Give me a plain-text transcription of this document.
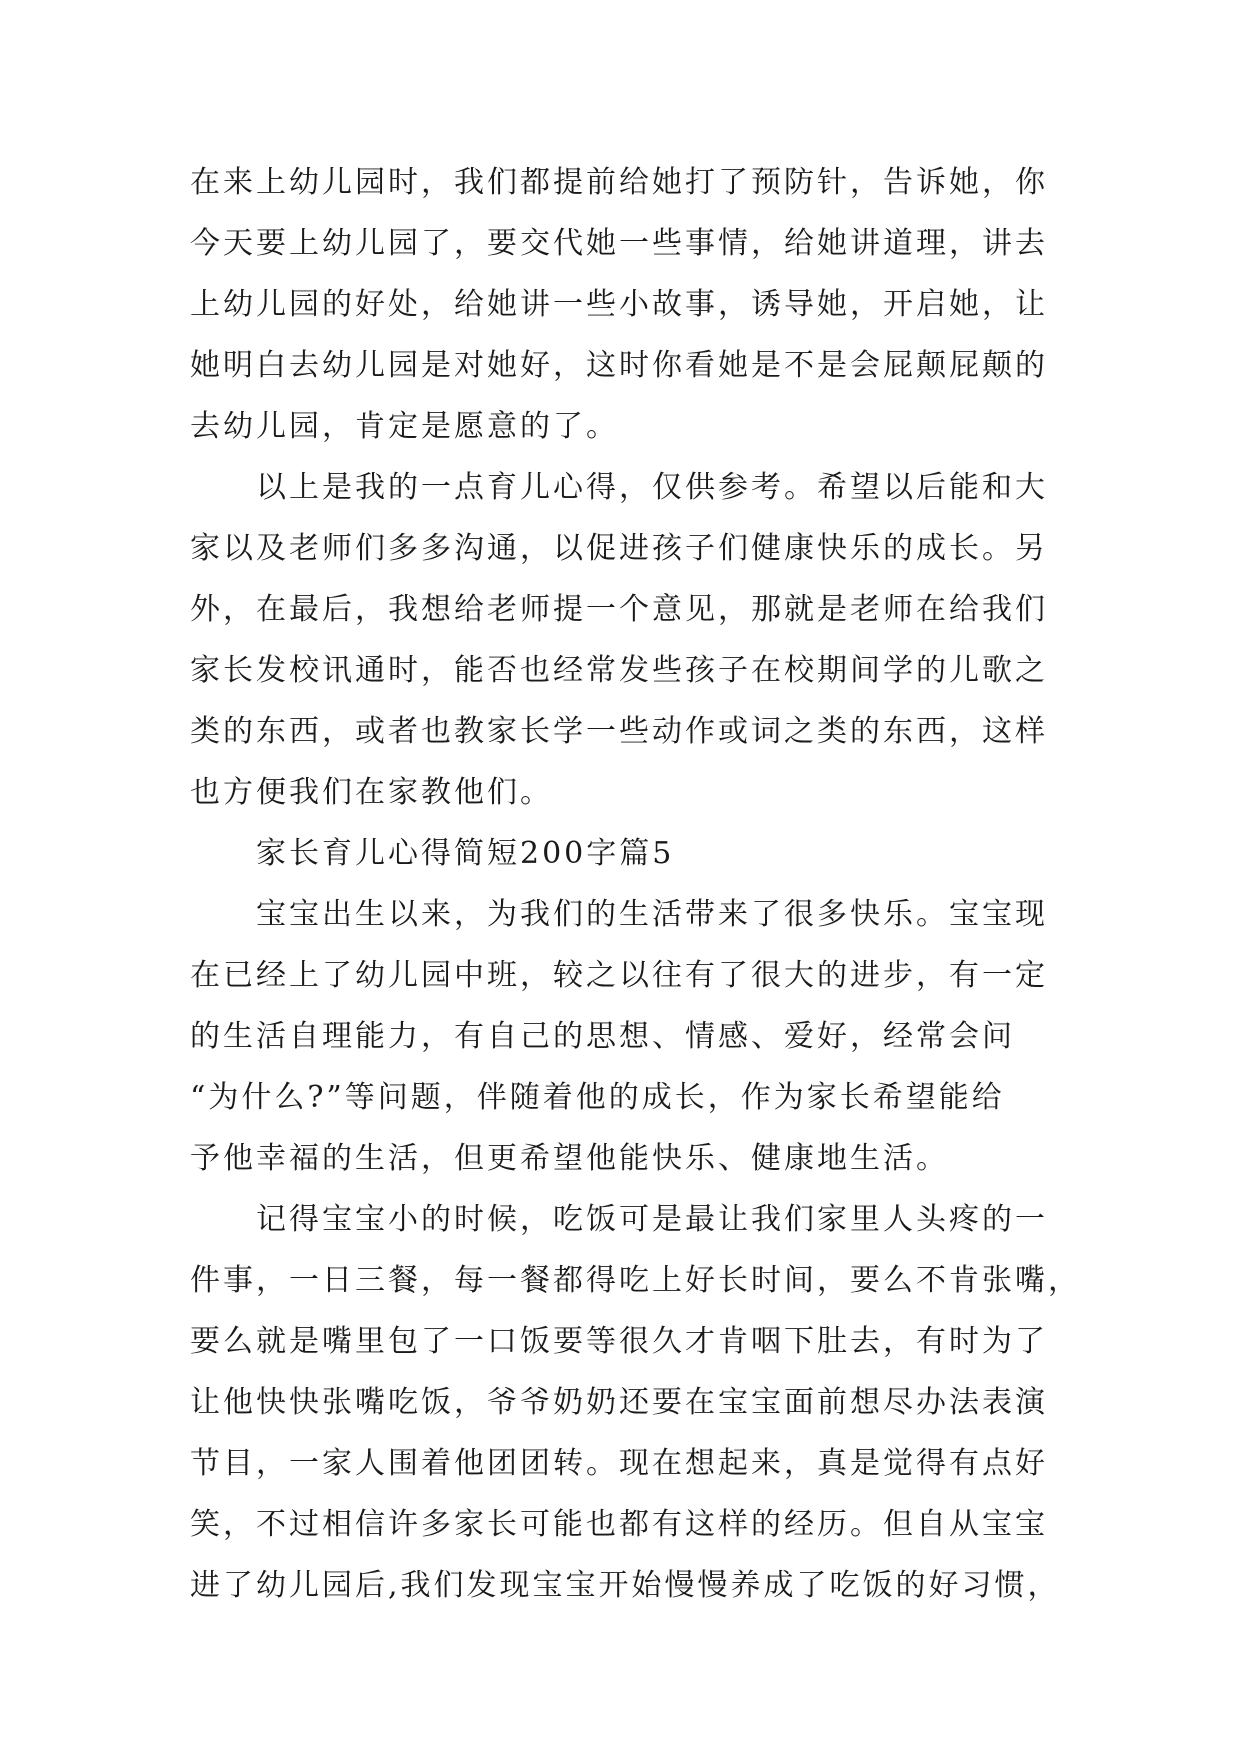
在来上幼儿园时，我们都提前给她打了预防针，告诉她，你
今天要上幼儿园了，要交代她一些事情，给她讲道理，讲去
上幼儿园的好处，给她讲一些小故事，诱导她，开启她，让
她明白去幼儿园是对她好，这时你看她是不是会屁颠屁颠的
去幼儿园，肯定是愿意的了。
以上是我的一点育儿心得，仅供参考。希望以后能和大
家以及老师们多多沟通，以促进孩子们健康快乐的成长。另
外，在最后，我想给老师提一个意见，那就是老师在给我们
家长发校讯通时，能否也经常发些孩子在校期间学的儿歌之
类的东西，或者也教家长学一些动作或词之类的东西，这样
也方便我们在家教他们。
家长育儿心得简短200字篇5
宝宝出生以来，为我们的生活带来了很多快乐。宝宝现
在已经上了幼儿园中班，较之以往有了很大的进步，有一定
的生活自理能力，有自己的思想、情感、爱好，经常会问
“为什么?”等问题，伴随着他的成长，作为家长希望能给
予他幸福的生活，但更希望他能快乐、健康地生活。
记得宝宝小的时候，吃饭可是最让我们家里人头疼的一
件事，一日三餐，每一餐都得吃上好长时间，要么不肯张嘴，
要么就是嘴里包了一口饭要等很久才肯咽下肚去，有时为了
让他快快张嘴吃饭，爷爷奶奶还要在宝宝面前想尽办法表演
节目，一家人围着他团团转。现在想起来，真是觉得有点好
笑，不过相信许多家长可能也都有这样的经历。但自从宝宝
进了幼儿园后,我们发现宝宝开始慢慢养成了吃饭的好习惯，
